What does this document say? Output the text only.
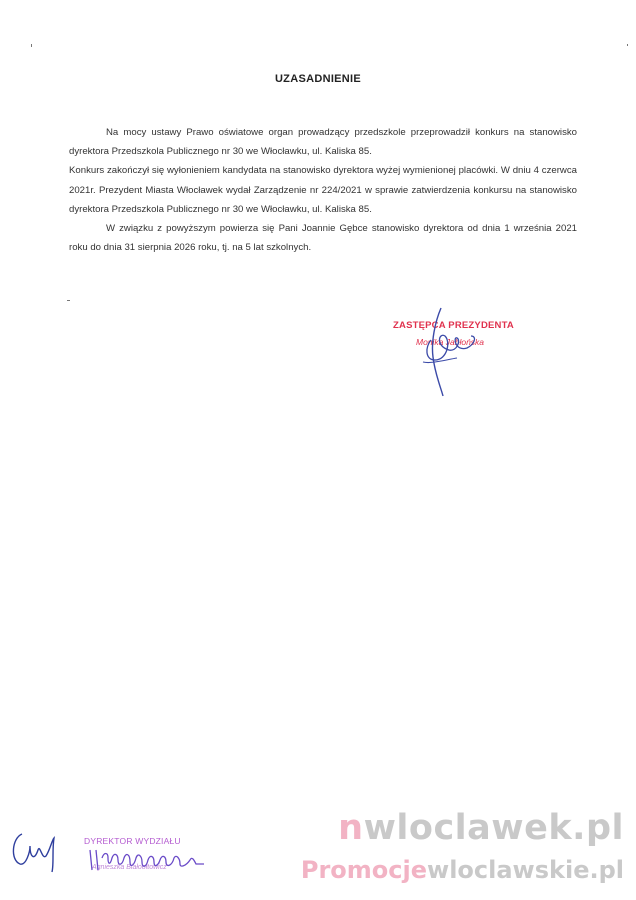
UZASADNIENIE

Na mocy ustawy Prawo oświatowe organ prowadzący przedszkole przeprowadził konkurs na stanowisko dyrektora Przedszkola Publicznego nr 30 we Włocławku, ul. Kaliska 85.

Konkurs zakończył się wyłonieniem kandydata na stanowisko dyrektora wyżej wymienionej placówki. W dniu 4 czerwca 2021r. Prezydent Miasta Włocławek wydał Zarządzenie nr 224/2021 w sprawie zatwierdzenia konkursu na stanowisko dyrektora Przedszkola Publicznego nr 30 we Włocławku, ul. Kaliska 85.

W związku z powyższym powierza się Pani Joannie Gębce stanowisko dyrektora od dnia 1 września 2021 roku do dnia 31 sierpnia 2026 roku, tj. na 5 lat szkolnych.

ZASTĘPCA PREZYDENTA
Monika Jabłońska
DYREKTOR WYDZIAŁU
Agnieszka Białoołtowicz
nwloclawek.pl
Promocjewloclawskie.pl
